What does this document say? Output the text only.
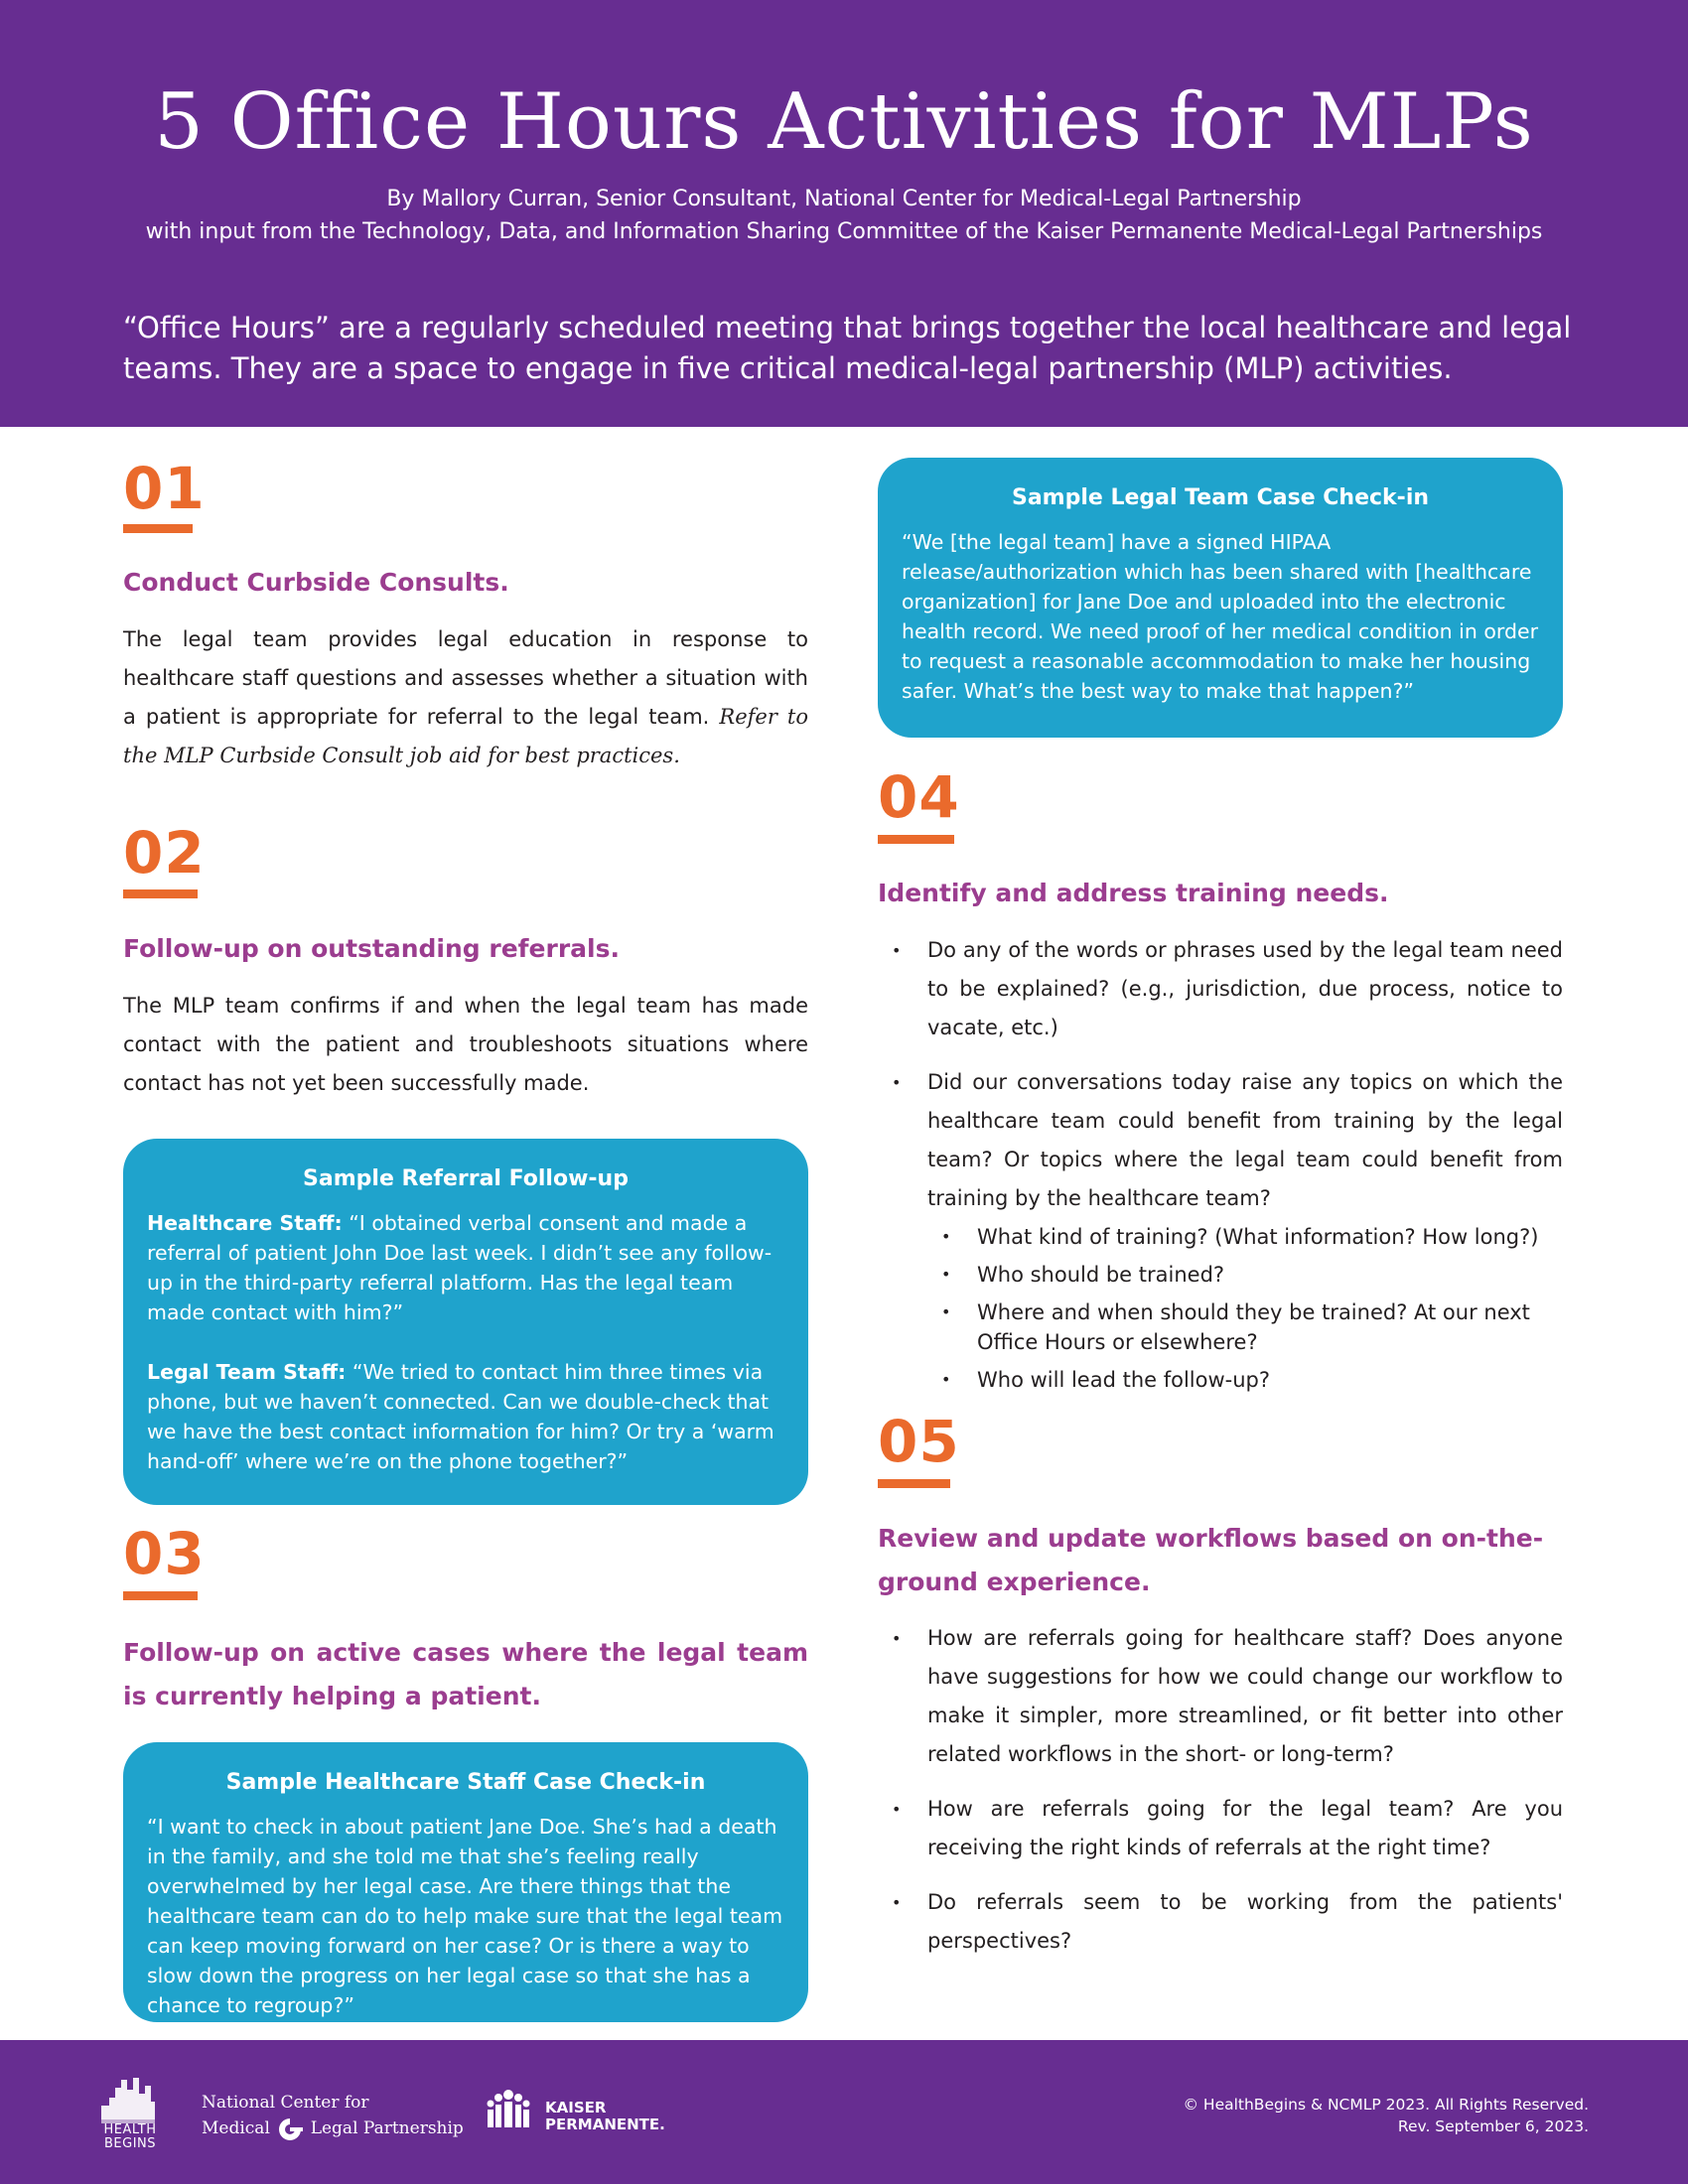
5 Office Hours Activities for MLPs
By Mallory Curran, Senior Consultant, National Center for Medical-Legal Partnership
with input from the Technology, Data, and Information Sharing Committee of the Kaiser Permanente Medical-Legal Partnerships
“Office Hours” are a regularly scheduled meeting that brings together the local healthcare and legal teams. They are a space to engage in five critical medical-legal partnership (MLP) activities.
01
Conduct Curbside Consults.
The legal team provides legal education in response to healthcare staff questions and assesses whether a situation with a patient is appropriate for referral to the legal team. Refer to the MLP Curbside Consult job aid for best practices.
02
Follow-up on outstanding referrals.
The MLP team confirms if and when the legal team has made contact with the patient and troubleshoots situations where contact has not yet been successfully made.
Sample Referral Follow-up
Healthcare Staff: “I obtained verbal consent and made a referral of patient John Doe last week. I didn’t see any follow-up in the third-party referral platform. Has the legal team made contact with him?”
Legal Team Staff: “We tried to contact him three times via phone, but we haven’t connected. Can we double-check that we have the best contact information for him? Or try a ‘warm hand-off’ where we’re on the phone together?”
03
Follow-up on active cases where the legal team is currently helping a patient.
Sample Healthcare Staff Case Check-in
“I want to check in about patient Jane Doe. She’s had a death in the family, and she told me that she’s feeling really overwhelmed by her legal case. Are there things that the healthcare team can do to help make sure that the legal team can keep moving forward on her case? Or is there a way to slow down the progress on her legal case so that she has a chance to regroup?”
Sample Legal Team Case Check-in
“We [the legal team] have a signed HIPAA release/authorization which has been shared with [healthcare organization] for Jane Doe and uploaded into the electronic health record. We need proof of her medical condition in order to request a reasonable accommodation to make her housing safer. What’s the best way to make that happen?”
04
Identify and address training needs.
• Do any of the words or phrases used by the legal team need to be explained? (e.g., jurisdiction, due process, notice to vacate, etc.)
• Did our conversations today raise any topics on which the healthcare team could benefit from training by the legal team? Or topics where the legal team could benefit from training by the healthcare team?
• What kind of training? (What information? How long?)
• Who should be trained?
• Where and when should they be trained? At our next Office Hours or elsewhere?
• Who will lead the follow-up?
05
Review and update workflows based on on-the-ground experience.
• How are referrals going for healthcare staff? Does anyone have suggestions for how we could change our workflow to make it simpler, more streamlined, or fit better into other related workflows in the short- or long-term?
• How are referrals going for the legal team? Are you receiving the right kinds of referrals at the right time?
• Do referrals seem to be working from the patients' perspectives?
HEALTH
BEGINS
National Center for
Medical Legal Partnership
KAISER
PERMANENTE.
© HealthBegins & NCMLP 2023. All Rights Reserved.
Rev. September 6, 2023.
